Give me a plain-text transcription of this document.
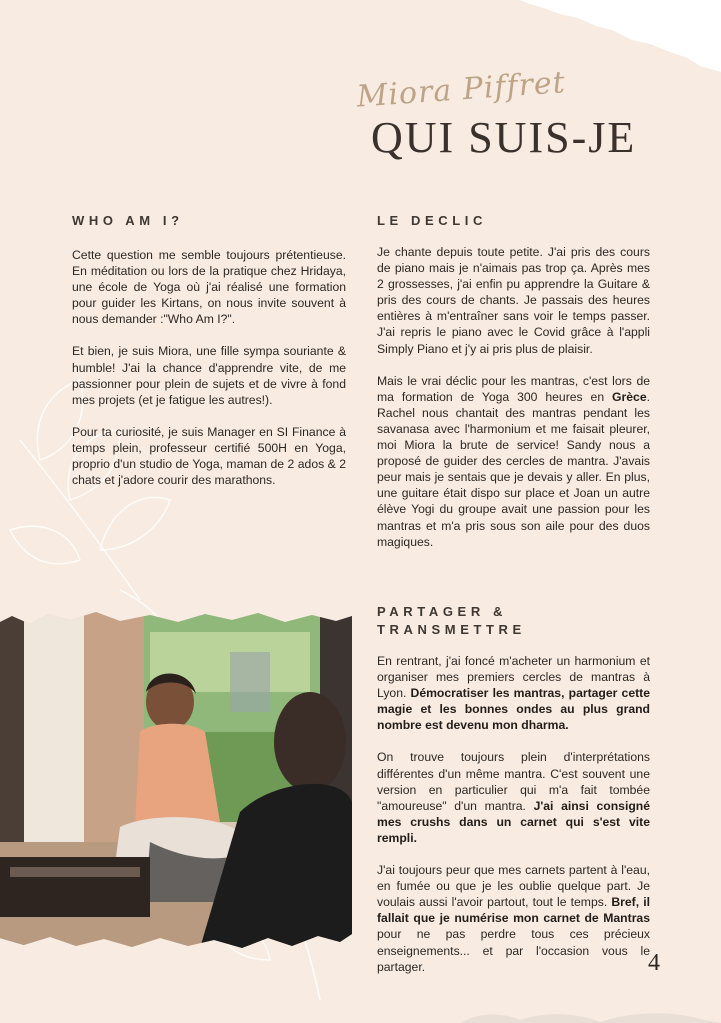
Miora Piffret
QUI SUIS-JE
WHO AM I?

Cette question me semble toujours prétentieuse. En méditation ou lors de la pratique chez Hridaya, une école de Yoga où j'ai réalisé une formation pour guider les Kirtans, on nous invite souvent à nous demander :"Who Am I?".

Et bien, je suis Miora, une fille sympa souriante & humble! J'ai la chance d'apprendre vite, de me passionner pour plein de sujets et de vivre à fond mes projets (et je fatigue les autres!).

Pour ta curiosité, je suis Manager en SI Finance à temps plein, professeur certifié 500H en Yoga, proprio d'un studio de Yoga, maman de 2 ados & 2 chats et j'adore courir des marathons.

LE DECLIC

Je chante depuis toute petite. J'ai pris des cours de piano mais je n'aimais pas trop ça. Après mes 2 grossesses, j'ai enfin pu apprendre la Guitare & pris des cours de chants. Je passais des heures entières à m'entraîner sans voir le temps passer. J'ai repris le piano avec le Covid grâce à l'appli Simply Piano et j'y ai pris plus de plaisir.

Mais le vrai déclic pour les mantras, c'est lors de ma formation de Yoga 300 heures en Grèce. Rachel nous chantait des mantras pendant les savanasa avec l'harmonium et me faisait pleurer, moi Miora la brute de service! Sandy nous a proposé de guider des cercles de mantra. J'avais peur mais je sentais que je devais y aller. En plus, une guitare était dispo sur place et Joan un autre élève Yogi du groupe avait une passion pour les mantras et m'a pris sous son aile pour des duos magiques.

PARTAGER & TRANSMETTRE

En rentrant, j'ai foncé m'acheter un harmonium et organiser mes premiers cercles de mantras à Lyon. Démocratiser les mantras, partager cette magie et les bonnes ondes au plus grand nombre est devenu mon dharma.

On trouve toujours plein d'interprétations différentes d'un même mantra. C'est souvent une version en particulier qui m'a fait tombée "amoureuse" d'un mantra. J'ai ainsi consigné mes crushs dans un carnet qui s'est vite rempli.

J'ai toujours peur que mes carnets partent à l'eau, en fumée ou que je les oublie quelque part. Je voulais aussi l'avoir partout, tout le temps. Bref, il fallait que je numérise mon carnet de Mantras pour ne pas perdre tous ces précieux enseignements... et par l'occasion vous le partager.	4
